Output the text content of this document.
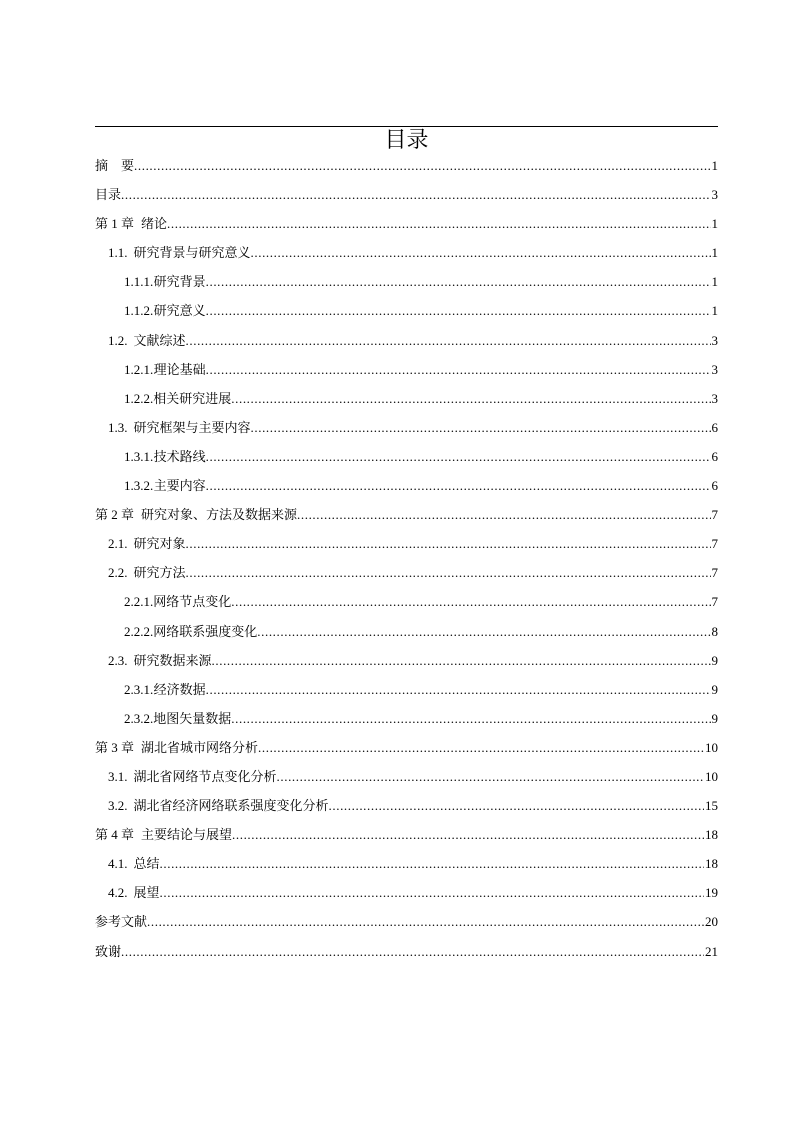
目录
摘　要 .....	1
目录 .....	3
第 1 章 绪论 .....	1
1.1. 研究背景与研究意义 .....	1
1.1.1. 研究背景 .....	1
1.1.2. 研究意义 .....	1
1.2. 文献综述 .....	3
1.2.1. 理论基础 .....	3
1.2.2. 相关研究进展 .....	3
1.3. 研究框架与主要内容 .....	6
1.3.1. 技术路线 .....	6
1.3.2. 主要内容 .....	6
第 2 章 研究对象、方法及数据来源 .....	7
2.1. 研究对象 .....	7
2.2. 研究方法 .....	7
2.2.1. 网络节点变化 .....	7
2.2.2. 网络联系强度变化 .....	8
2.3. 研究数据来源 .....	9
2.3.1. 经济数据 .....	9
2.3.2. 地图矢量数据 .....	9
第 3 章 湖北省城市网络分析 .....	10
3.1. 湖北省网络节点变化分析 .....	10
3.2. 湖北省经济网络联系强度变化分析 .....	15
第 4 章 主要结论与展望 .....	18
4.1. 总结 .....	18
4.2. 展望 .....	19
参考文献 .....	20
致谢 .....	21
